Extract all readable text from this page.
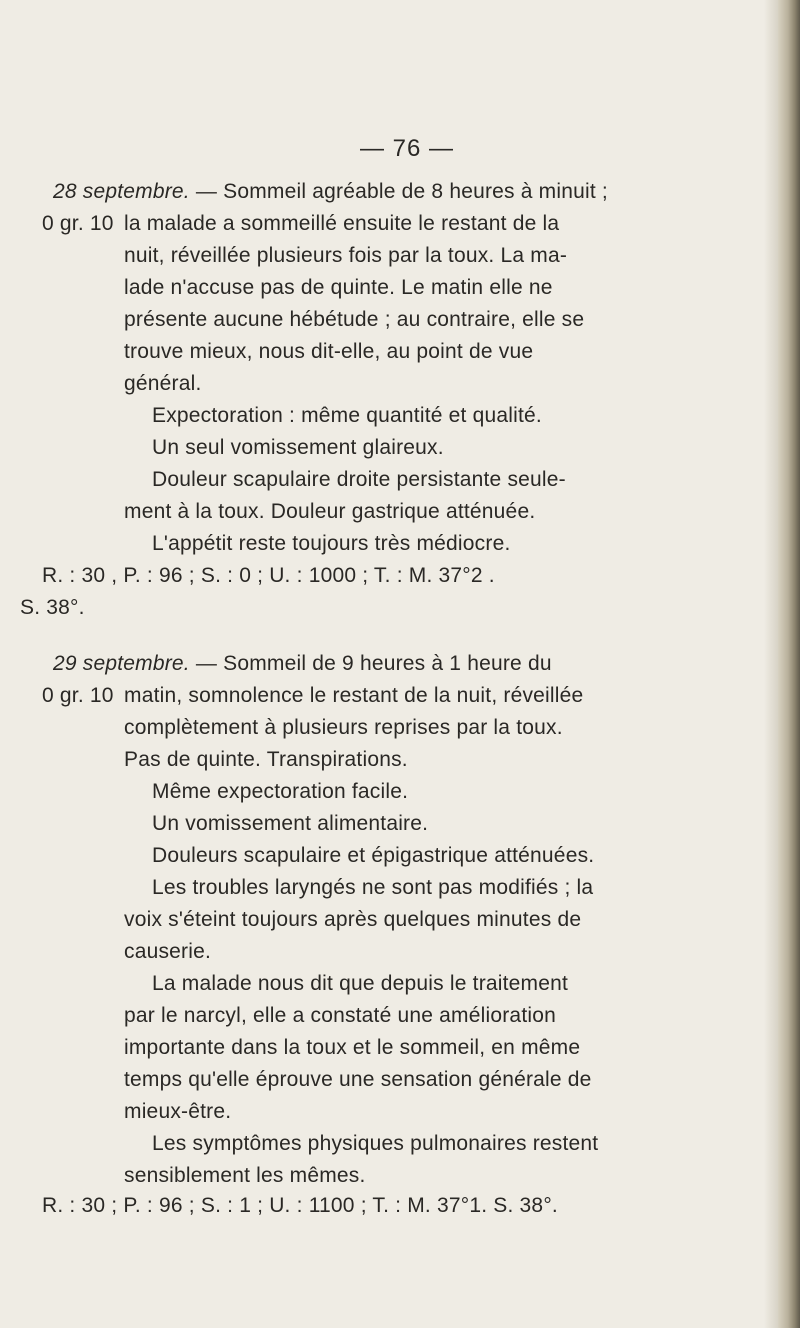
— 76 —
28 septembre. — Sommeil agréable de 8 heures à minuit ;
0 gr. 10 la malade a sommeillé ensuite le restant de la
nuit, réveillée plusieurs fois par la toux. La ma-
lade n'accuse pas de quinte. Le matin elle ne
présente aucune hébétude ; au contraire, elle se
trouve mieux, nous dit-elle, au point de vue
général.
Expectoration : même quantité et qualité.
Un seul vomissement glaireux.
Douleur scapulaire droite persistante seule-
ment à la toux. Douleur gastrique atténuée.
L'appétit reste toujours très médiocre.
R. : 30 , P. : 96 ; S. : 0 ; U. : 1000 ; T. : M. 37°2 .
S. 38°.
29 septembre. — Sommeil de 9 heures à 1 heure du
0 gr. 10 matin, somnolence le restant de la nuit, réveillée
complètement à plusieurs reprises par la toux.
Pas de quinte. Transpirations.
Même expectoration facile.
Un vomissement alimentaire.
Douleurs scapulaire et épigastrique atténuées.
Les troubles laryngés ne sont pas modifiés ; la
voix s'éteint toujours après quelques minutes de
causerie.
La malade nous dit que depuis le traitement
par le narcyl, elle a constaté une amélioration
importante dans la toux et le sommeil, en même
temps qu'elle éprouve une sensation générale de
mieux-être.
Les symptômes physiques pulmonaires restent
sensiblement les mêmes.
R. : 30 ; P. : 96 ; S. : 1 ; U. : 1100 ; T. : M. 37°1. S. 38°.
